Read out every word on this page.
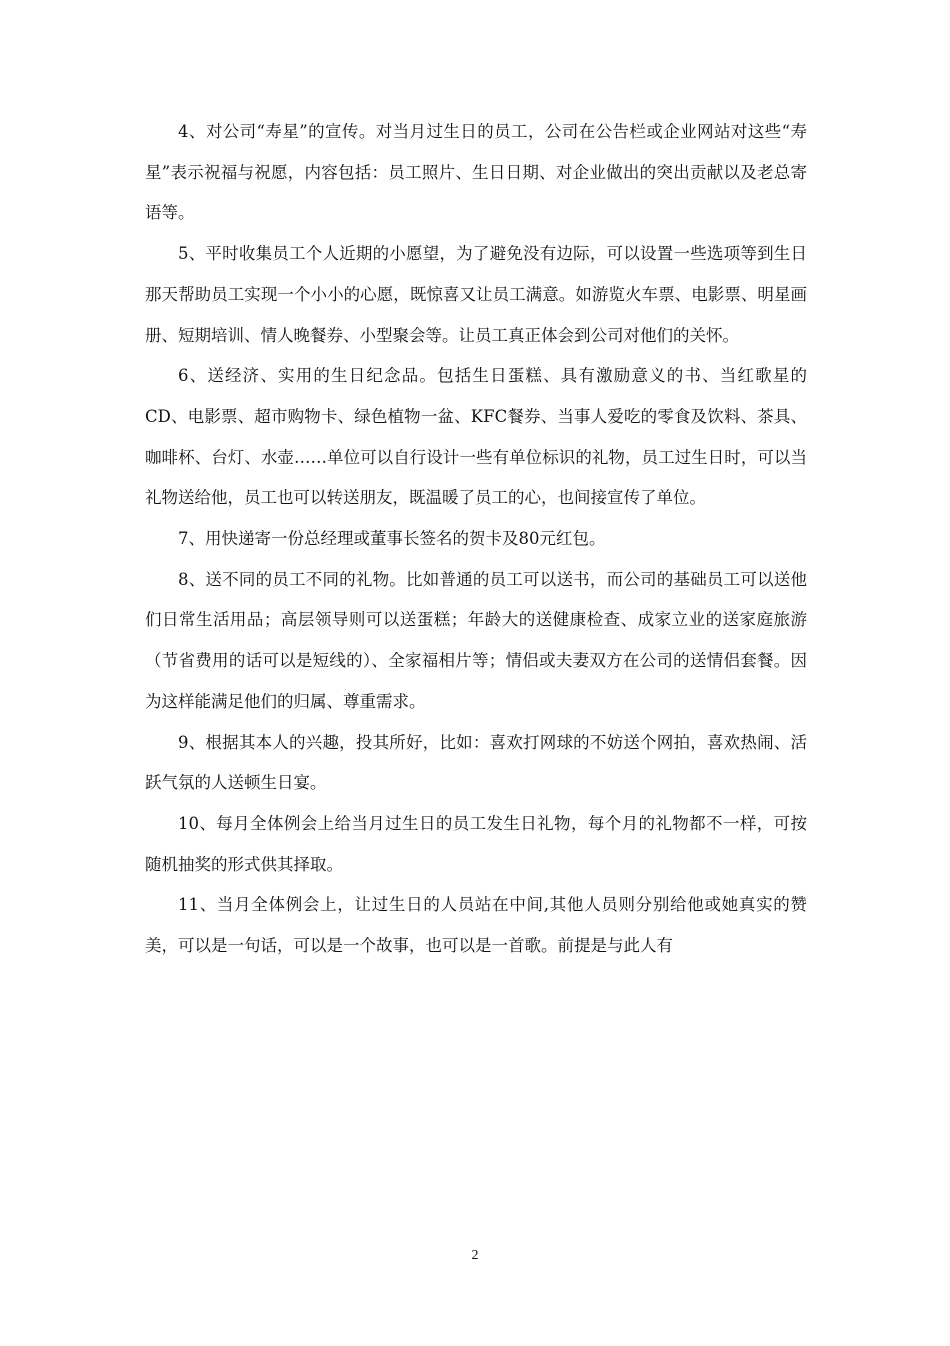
4、对公司“寿星”的宣传。对当月过生日的员工，公司在公告栏或企业网站对这些“寿星”表示祝福与祝愿，内容包括：员工照片、生日日期、对企业做出的突出贡献以及老总寄语等。

5、平时收集员工个人近期的小愿望，为了避免没有边际，可以设置一些选项等到生日那天帮助员工实现一个小小的心愿，既惊喜又让员工满意。如游览火车票、电影票、明星画册、短期培训、情人晚餐券、小型聚会等。让员工真正体会到公司对他们的关怀。

6、送经济、实用的生日纪念品。包括生日蛋糕、具有激励意义的书、当红歌星的CD、电影票、超市购物卡、绿色植物一盆、KFC餐券、当事人爱吃的零食及饮料、茶具、咖啡杯、台灯、水壶……单位可以自行设计一些有单位标识的礼物，员工过生日时，可以当礼物送给他，员工也可以转送朋友，既温暖了员工的心，也间接宣传了单位。

7、用快递寄一份总经理或董事长签名的贺卡及80元红包。

8、送不同的员工不同的礼物。比如普通的员工可以送书，而公司的基础员工可以送他们日常生活用品；高层领导则可以送蛋糕；年龄大的送健康检查、成家立业的送家庭旅游（节省费用的话可以是短线的）、全家福相片等；情侣或夫妻双方在公司的送情侣套餐。因为这样能满足他们的归属、尊重需求。

9、根据其本人的兴趣，投其所好，比如：喜欢打网球的不妨送个网拍，喜欢热闹、活跃气氛的人送顿生日宴。

10、每月全体例会上给当月过生日的员工发生日礼物，每个月的礼物都不一样，可按随机抽奖的形式供其择取。

11、当月全体例会上，让过生日的人员站在中间,其他人员则分别给他或她真实的赞美，可以是一句话，可以是一个故事，也可以是一首歌。前提是与此人有

2
